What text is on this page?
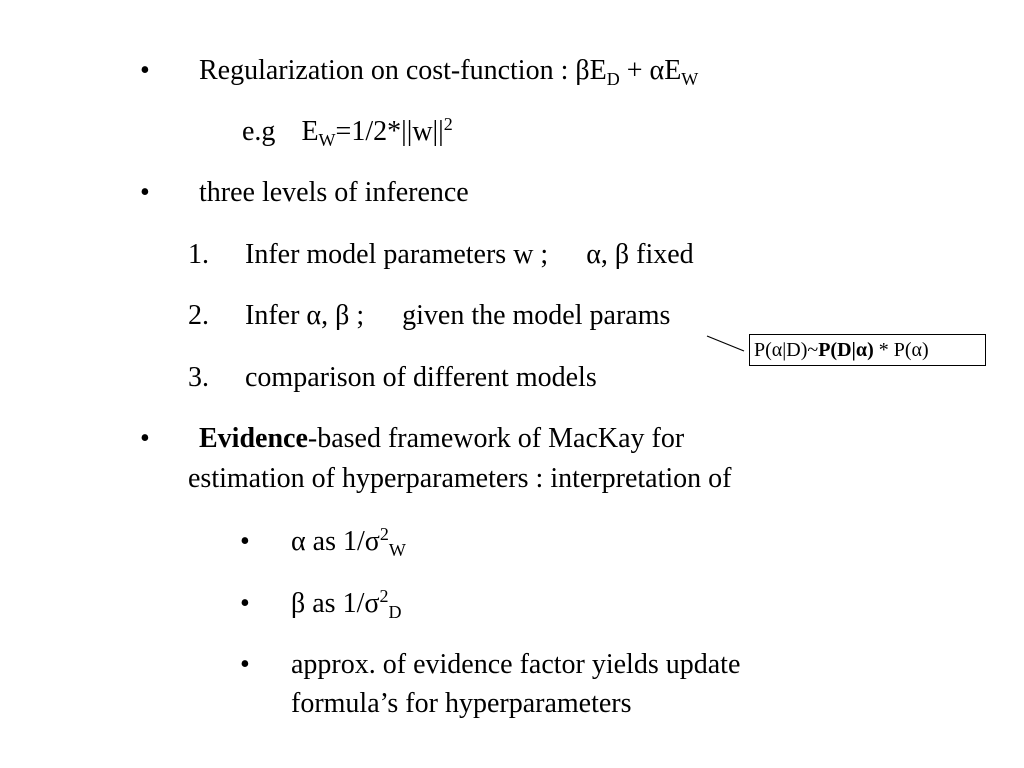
• Regularization on cost-function : $\beta E_D + \alpha E_W$
e.g $E_W=1/2*||w||^2$
• three levels of inference
1. Infer model parameters w ; α, β fixed
2. Infer α, β ; given the model params
3. comparison of different models
P(α|D)~P(D|α) * P(α)
• Evidence-based framework of MacKay for
estimation of hyperparameters : interpretation of
• α as $1/\sigma^2_W$
• β as $1/\sigma^2_D$
• approx. of evidence factor yields update
formula’s for hyperparameters
